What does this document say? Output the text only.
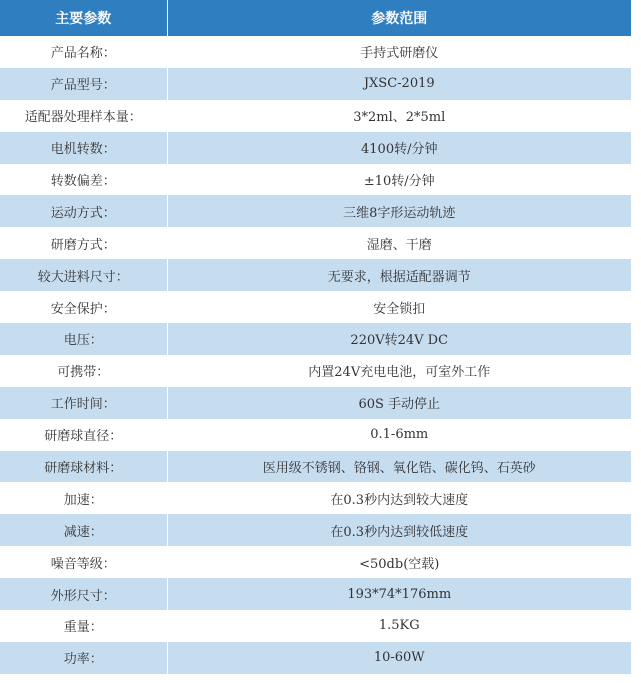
主要参数	参数范围
产品名称：	手持式研磨仪
产品型号：	JXSC-2019
适配器处理样本量：	3*2ml、2*5ml
电机转数：	4100转/分钟
转数偏差：	±10转/分钟
运动方式：	三维8字形运动轨迹
研磨方式：	湿磨、干磨
较大进料尺寸：	无要求，根据适配器调节
安全保护：	安全锁扣
电压：	220V转24V DC
可携带：	内置24V充电电池，可室外工作
工作时间：	60S 手动停止
研磨球直径：	0.1-6mm
研磨球材料：	医用级不锈钢、铬钢、氧化锆、碳化钨、石英砂
加速：	在0.3秒内达到较大速度
减速：	在0.3秒内达到较低速度
噪音等级：	<50db(空载)
外形尺寸：	193*74*176mm
重量：	1.5KG
功率：	10-60W
